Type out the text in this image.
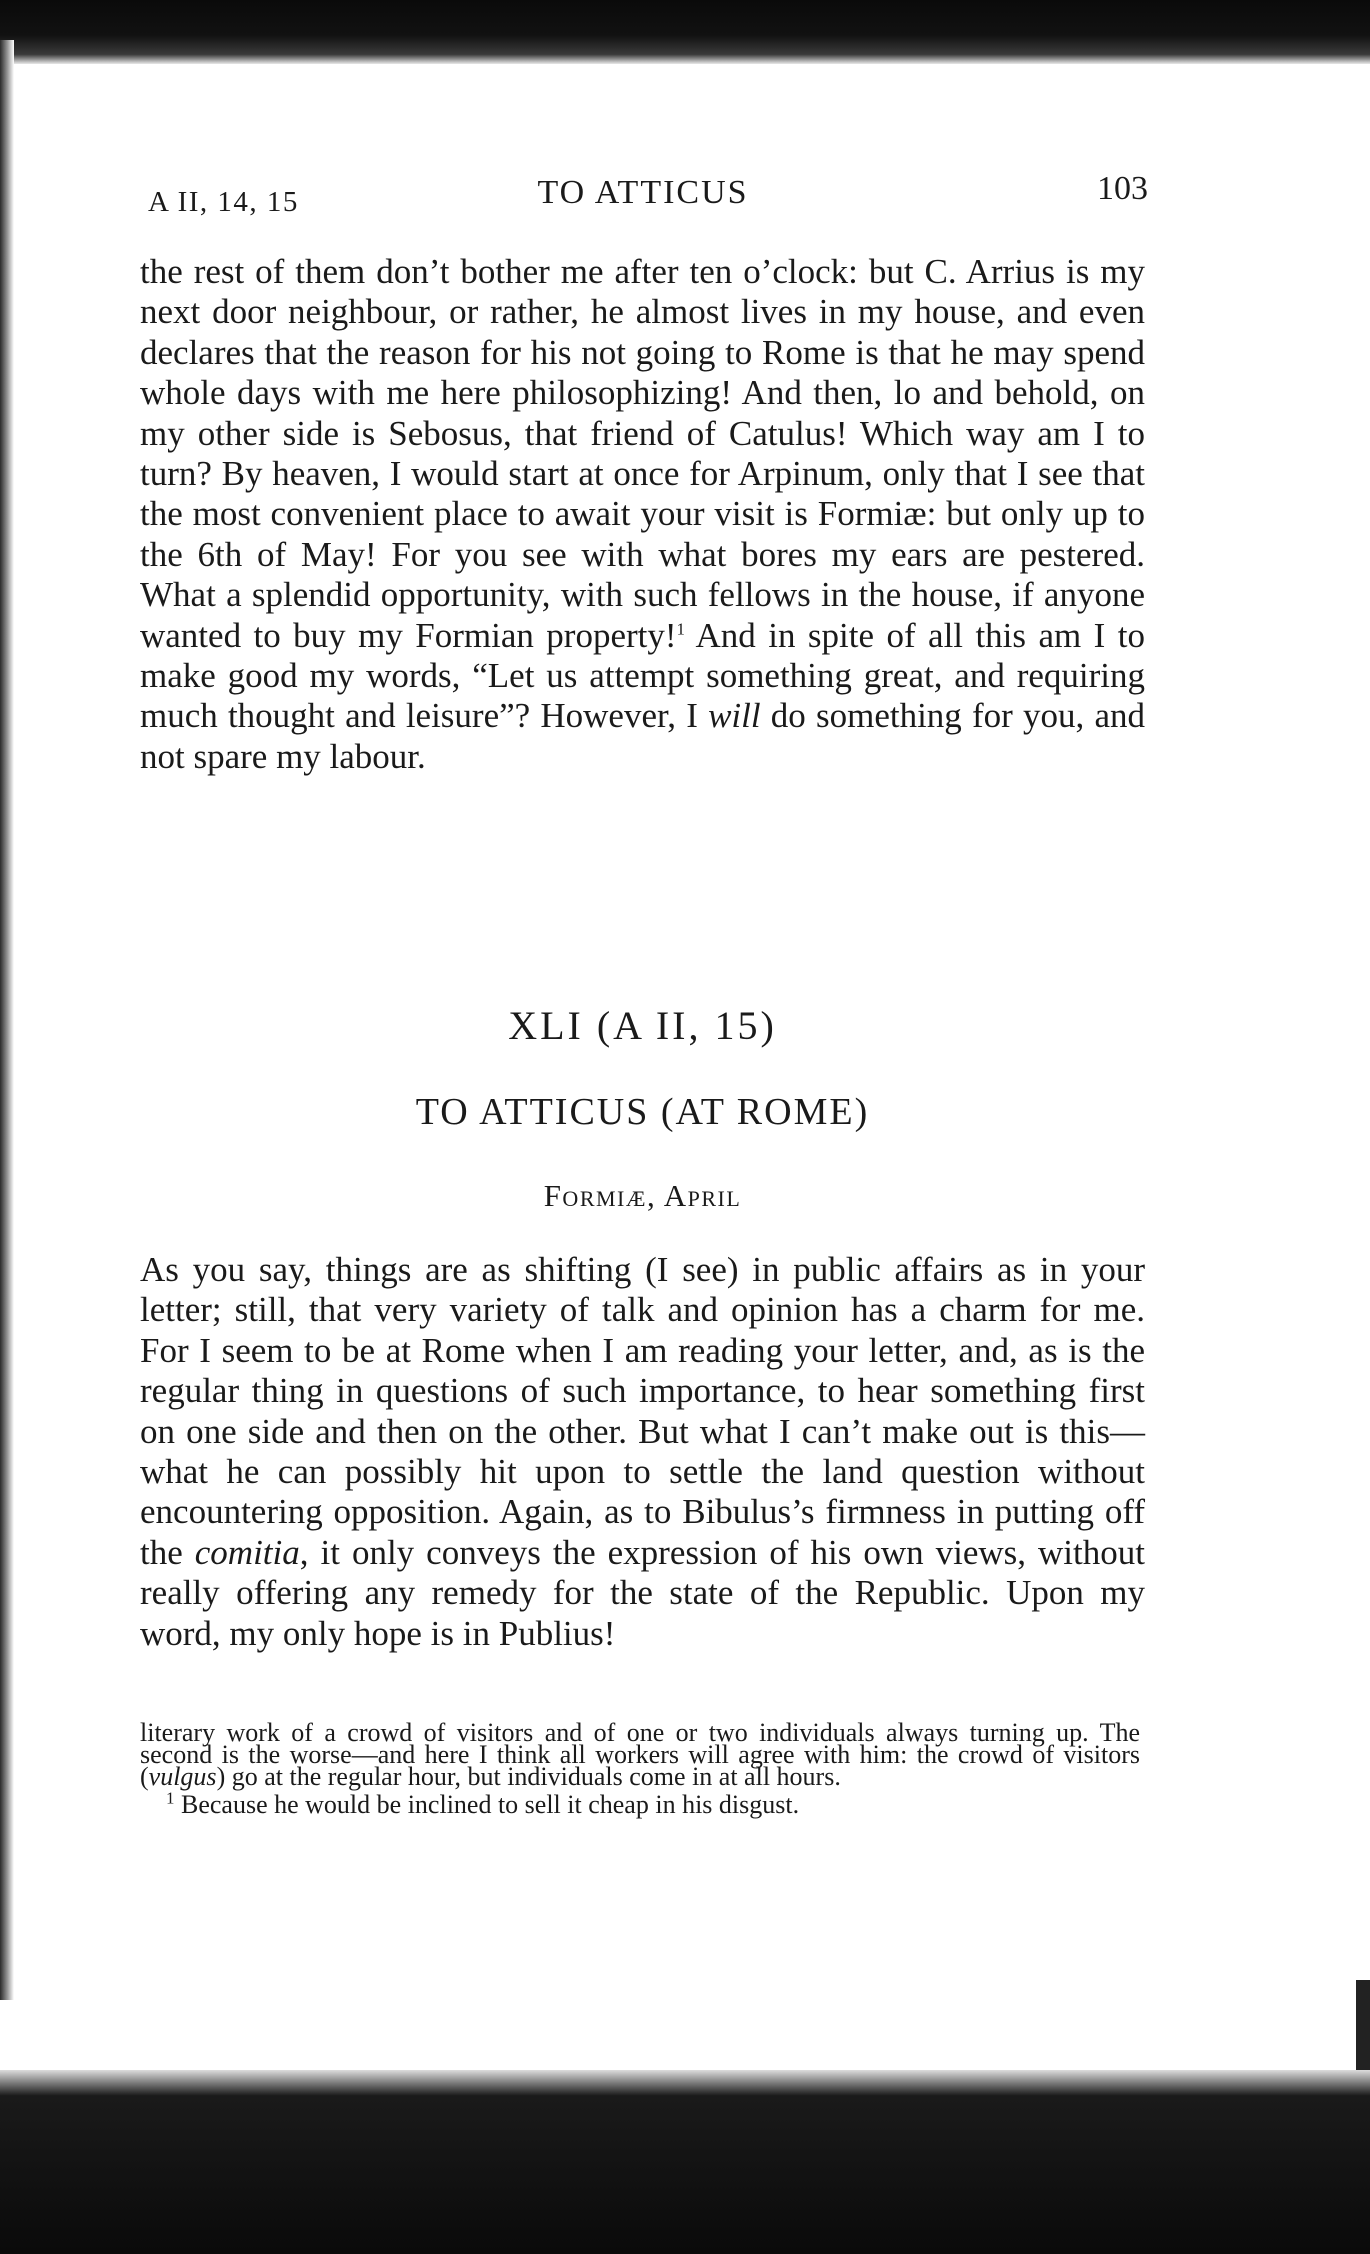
A II, 14, 15	TO ATTICUS	103

the rest of them don’t bother me after ten o’clock: but C. Arrius is my next door neighbour, or rather, he almost lives in my house, and even declares that the reason for his not going to Rome is that he may spend whole days with me here philosophizing! And then, lo and behold, on my other side is Sebosus, that friend of Catulus! Which way am I to turn? By heaven, I would start at once for Arpinum, only that I see that the most convenient place to await your visit is Formiæ: but only up to the 6th of May! For you see with what bores my ears are pestered. What a splendid opportunity, with such fellows in the house, if anyone wanted to buy my Formian property!$^1$ And in spite of all this am I to make good my words, “Let us attempt something great, and requiring much thought and leisure”? However, I will do something for you, and not spare my labour.

XLI (A II, 15)
TO ATTICUS (AT ROME)
Formiæ, April

As you say, things are as shifting (I see) in public affairs as in your letter; still, that very variety of talk and opinion has a charm for me. For I seem to be at Rome when I am reading your letter, and, as is the regular thing in questions of such importance, to hear something first on one side and then on the other. But what I can’t make out is this—what he can possibly hit upon to settle the land question without encountering opposition. Again, as to Bibulus’s firmness in putting off the comitia, it only conveys the expression of his own views, without really offering any remedy for the state of the Republic. Upon my word, my only hope is in Publius!

literary work of a crowd of visitors and of one or two individuals always turning up. The second is the worse—and here I think all workers will agree with him: the crowd of visitors (vulgus) go at the regular hour, but individuals come in at all hours.

$^1$ Because he would be inclined to sell it cheap in his disgust.
